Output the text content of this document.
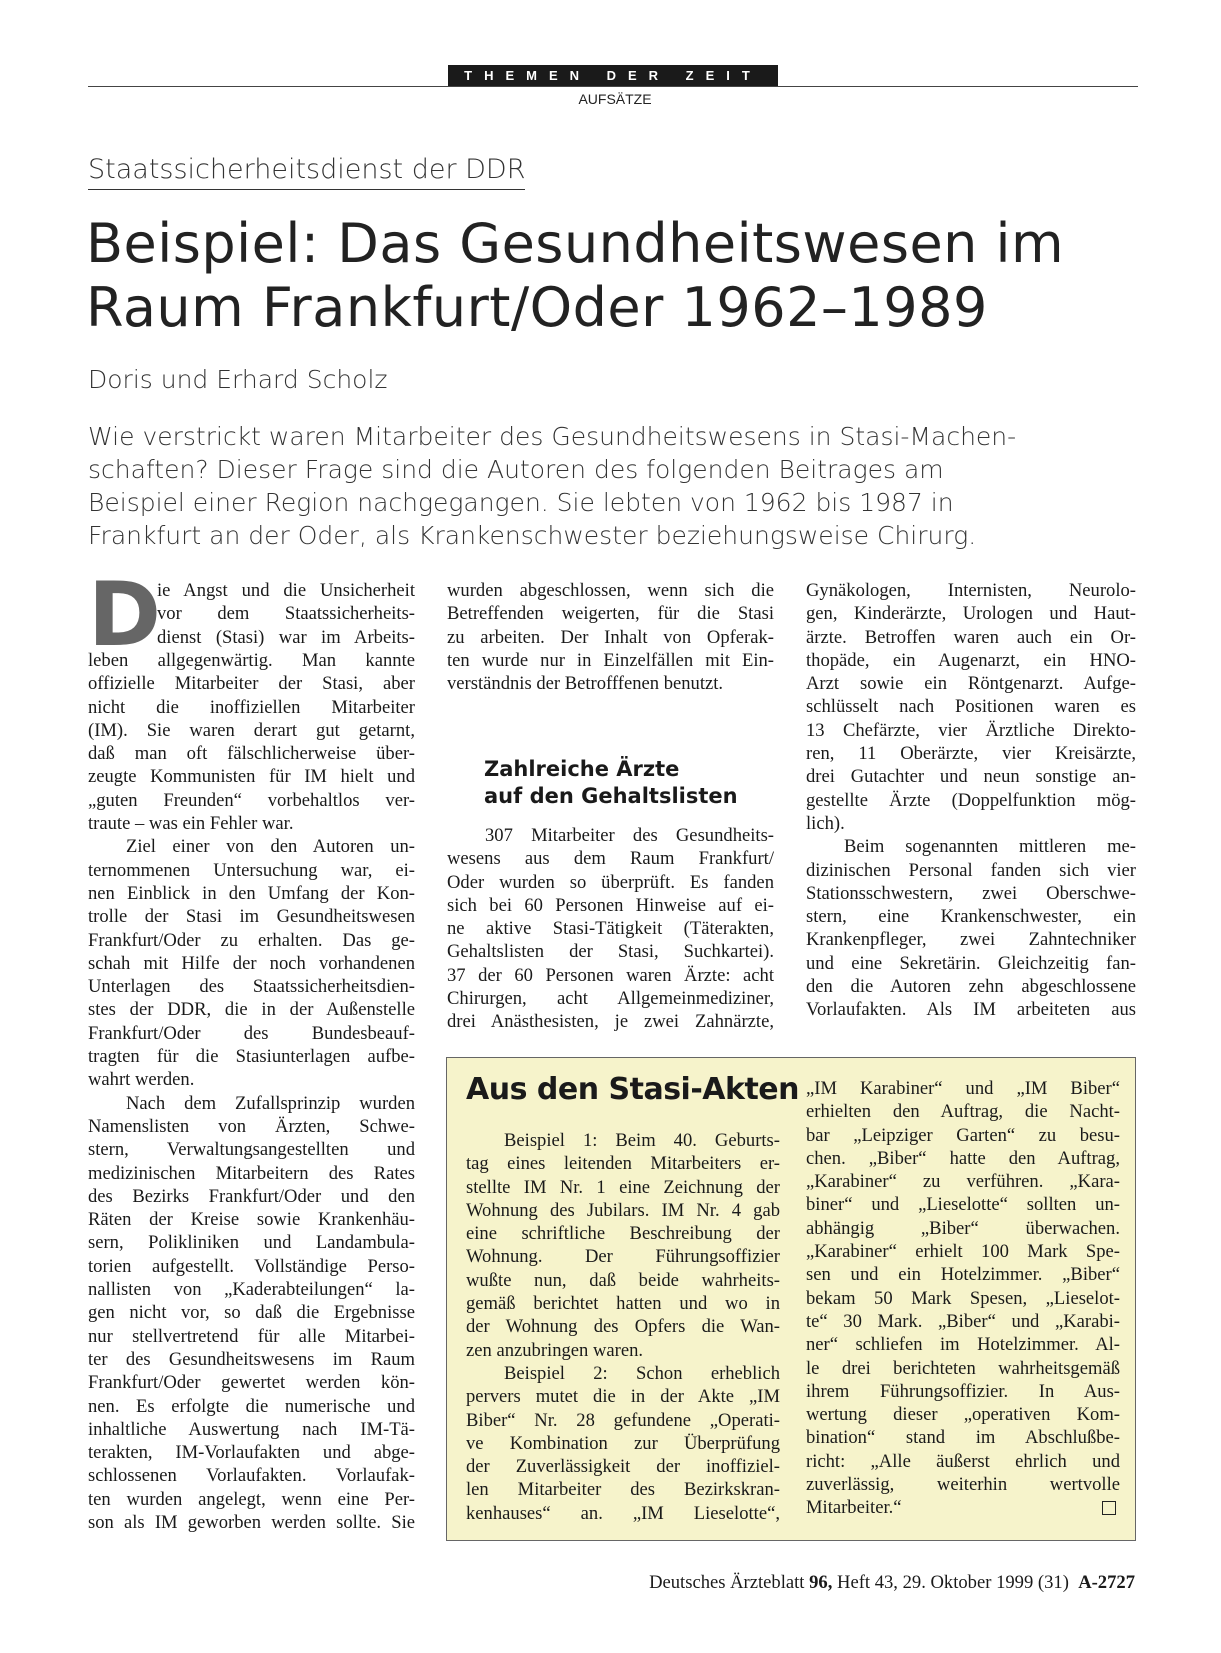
THEMEN DER ZEIT
AUFSÄTZE
Staatssicherheitsdienst der DDR
Beispiel: Das Gesundheitswesen im
Raum Frankfurt/Oder 1962–1989
Doris und Erhard Scholz
Wie verstrickt waren Mitarbeiter des Gesundheitswesens in Stasi-Machen-
schaften? Dieser Frage sind die Autoren des folgenden Beitrages am
Beispiel einer Region nachgegangen. Sie lebten von 1962 bis 1987 in
Frankfurt an der Oder, als Krankenschwester beziehungsweise Chirurg.
D
ie Angst und die Unsicherheit
vor dem Staatssicherheits-
dienst (Stasi) war im Arbeits-
leben allgegenwärtig. Man kannte
offizielle Mitarbeiter der Stasi, aber
nicht die inoffiziellen Mitarbeiter
(IM). Sie waren derart gut getarnt,
daß man oft fälschlicherweise über-
zeugte Kommunisten für IM hielt und
„guten Freunden“ vorbehaltlos ver-
traute – was ein Fehler war.
Ziel einer von den Autoren un-
ternommenen Untersuchung war, ei-
nen Einblick in den Umfang der Kon-
trolle der Stasi im Gesundheitswesen
Frankfurt/Oder zu erhalten. Das ge-
schah mit Hilfe der noch vorhandenen
Unterlagen des Staatssicherheitsdien-
stes der DDR, die in der Außenstelle
Frankfurt/Oder des Bundesbeauf-
tragten für die Stasiunterlagen aufbe-
wahrt werden.
Nach dem Zufallsprinzip wurden
Namenslisten von Ärzten, Schwe-
stern, Verwaltungsangestellten und
medizinischen Mitarbeitern des Rates
des Bezirks Frankfurt/Oder und den
Räten der Kreise sowie Krankenhäu-
sern, Polikliniken und Landambula-
torien aufgestellt. Vollständige Perso-
nallisten von „Kaderabteilungen“ la-
gen nicht vor, so daß die Ergebnisse
nur stellvertretend für alle Mitarbei-
ter des Gesundheitswesens im Raum
Frankfurt/Oder gewertet werden kön-
nen. Es erfolgte die numerische und
inhaltliche Auswertung nach IM-Tä-
terakten, IM-Vorlaufakten und abge-
schlossenen Vorlaufakten. Vorlaufak-
ten wurden angelegt, wenn eine Per-
son als IM geworben werden sollte. Sie
wurden abgeschlossen, wenn sich die
Betreffenden weigerten, für die Stasi
zu arbeiten. Der Inhalt von Opferak-
ten wurde nur in Einzelfällen mit Ein-
verständnis der Betrofffenen benutzt.
Zahlreiche Ärzte
auf den Gehaltslisten
307 Mitarbeiter des Gesundheits-
wesens aus dem Raum Frankfurt/
Oder wurden so überprüft. Es fanden
sich bei 60 Personen Hinweise auf ei-
ne aktive Stasi-Tätigkeit (Täterakten,
Gehaltslisten der Stasi, Suchkartei).
37 der 60 Personen waren Ärzte: acht
Chirurgen, acht Allgemeinmediziner,
drei Anästhesisten, je zwei Zahnärzte,
Gynäkologen, Internisten, Neurolo-
gen, Kinderärzte, Urologen und Haut-
ärzte. Betroffen waren auch ein Or-
thopäde, ein Augenarzt, ein HNO-
Arzt sowie ein Röntgenarzt. Aufge-
schlüsselt nach Positionen waren es
13 Chefärzte, vier Ärztliche Direkto-
ren, 11 Oberärzte, vier Kreisärzte,
drei Gutachter und neun sonstige an-
gestellte Ärzte (Doppelfunktion mög-
lich).
Beim sogenannten mittleren me-
dizinischen Personal fanden sich vier
Stationsschwestern, zwei Oberschwe-
stern, eine Krankenschwester, ein
Krankenpfleger, zwei Zahntechniker
und eine Sekretärin. Gleichzeitig fan-
den die Autoren zehn abgeschlossene
Vorlaufakten. Als IM arbeiteten aus
Aus den Stasi-Akten
Beispiel 1: Beim 40. Geburts-
tag eines leitenden Mitarbeiters er-
stellte IM Nr. 1 eine Zeichnung der
Wohnung des Jubilars. IM Nr. 4 gab
eine schriftliche Beschreibung der
Wohnung. Der Führungsoffizier
wußte nun, daß beide wahrheits-
gemäß berichtet hatten und wo in
der Wohnung des Opfers die Wan-
zen anzubringen waren.
Beispiel 2: Schon erheblich
pervers mutet die in der Akte „IM
Biber“ Nr. 28 gefundene „Operati-
ve Kombination zur Überprüfung
der Zuverlässigkeit der inoffiziel-
len Mitarbeiter des Bezirkskran-
kenhauses“ an. „IM Lieselotte“,
„IM Karabiner“ und „IM Biber“
erhielten den Auftrag, die Nacht-
bar „Leipziger Garten“ zu besu-
chen. „Biber“ hatte den Auftrag,
„Karabiner“ zu verführen. „Kara-
biner“ und „Lieselotte“ sollten un-
abhängig „Biber“ überwachen.
„Karabiner“ erhielt 100 Mark Spe-
sen und ein Hotelzimmer. „Biber“
bekam 50 Mark Spesen, „Lieselot-
te“ 30 Mark. „Biber“ und „Karabi-
ner“ schliefen im Hotelzimmer. Al-
le drei berichteten wahrheitsgemäß
ihrem Führungsoffizier. In Aus-
wertung dieser „operativen Kom-
bination“ stand im Abschlußbe-
richt: „Alle äußerst ehrlich und
zuverlässig, weiterhin wertvolle
Mitarbeiter.“
Deutsches Ärzteblatt 96, Heft 43, 29. Oktober 1999 (31) A-2727
